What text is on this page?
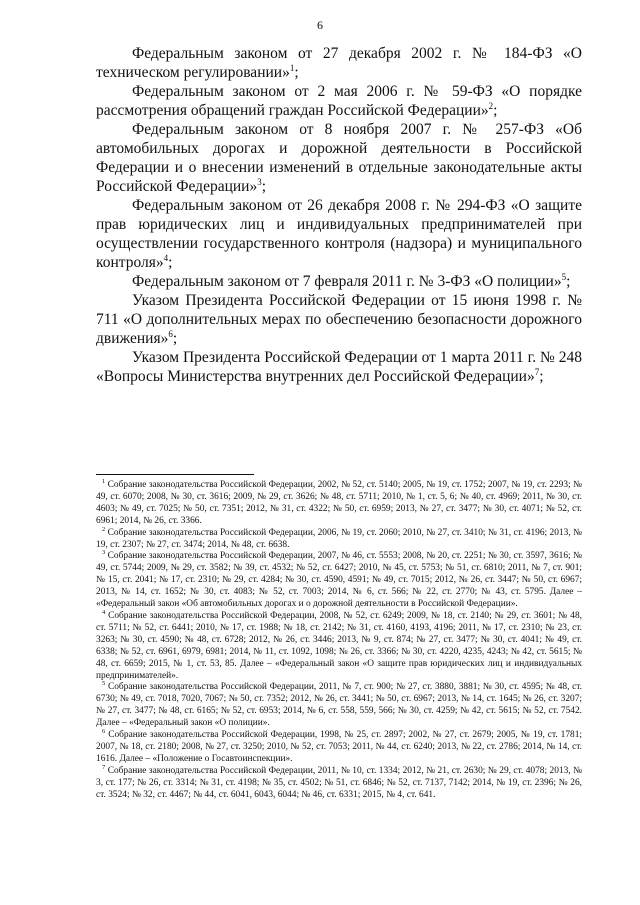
6

Федеральным законом от 27 декабря 2002 г. № 184-ФЗ «О техническом регулировании»$^1$;

Федеральным законом от 2 мая 2006 г. № 59-ФЗ «О порядке рассмотрения обращений граждан Российской Федерации»$^2$;

Федеральным законом от 8 ноября 2007 г. № 257-ФЗ «Об автомобильных дорогах и дорожной деятельности в Российской Федерации и о внесении изменений в отдельные законодательные акты Российской Федерации»$^3$;

Федеральным законом от 26 декабря 2008 г. № 294-ФЗ «О защите прав юридических лиц и индивидуальных предпринимателей при осуществлении государственного контроля (надзора) и муниципального контроля»$^4$;

Федеральным законом от 7 февраля 2011 г. № 3-ФЗ «О полиции»$^5$;

Указом Президента Российской Федерации от 15 июня 1998 г. № 711 «О дополнительных мерах по обеспечению безопасности дорожного движения»$^6$;

Указом Президента Российской Федерации от 1 марта 2011 г. № 248 «Вопросы Министерства внутренних дел Российской Федерации»$^7$;

$^1$ Собрание законодательства Российской Федерации, 2002, № 52, ст. 5140; 2005, № 19, ст. 1752; 2007, № 19, ст. 2293; № 49, ст. 6070; 2008, № 30, ст. 3616; 2009, № 29, ст. 3626; № 48, ст. 5711; 2010, № 1, ст. 5, 6; № 40, ст. 4969; 2011, № 30, ст. 4603; № 49, ст. 7025; № 50, ст. 7351; 2012, № 31, ст. 4322; № 50, ст. 6959; 2013, № 27, ст. 3477; № 30, ст. 4071; № 52, ст. 6961; 2014, № 26, ст. 3366.

$^2$ Собрание законодательства Российской Федерации, 2006, № 19, ст. 2060; 2010, № 27, ст. 3410; № 31, ст. 4196; 2013, № 19, ст. 2307; № 27, ст. 3474; 2014, № 48, ст. 6638.

$^3$ Собрание законодательства Российской Федерации, 2007, № 46, ст. 5553; 2008, № 20, ст. 2251; № 30, ст. 3597, 3616; № 49, ст. 5744; 2009, № 29, ст. 3582; № 39, ст. 4532; № 52, ст. 6427; 2010, № 45, ст. 5753; № 51, ст. 6810; 2011, № 7, ст. 901; № 15, ст. 2041; № 17, ст. 2310; № 29, ст. 4284; № 30, ст. 4590, 4591; № 49, ст. 7015; 2012, № 26, ст. 3447; № 50, ст. 6967; 2013, № 14, ст. 1652; № 30, ст. 4083; № 52, ст. 7003; 2014, № 6, ст. 566; № 22, ст. 2770; № 43, ст. 5795. Далее – «Федеральный закон «Об автомобильных дорогах и о дорожной деятельности в Российской Федерации».

$^4$ Собрание законодательства Российской Федерации, 2008, № 52, ст. 6249; 2009, № 18, ст. 2140; № 29, ст. 3601; № 48, ст. 5711; № 52, ст. 6441; 2010, № 17, ст. 1988; № 18, ст. 2142; № 31, ст. 4160, 4193, 4196; 2011, № 17, ст. 2310; № 23, ст. 3263; № 30, ст. 4590; № 48, ст. 6728; 2012, № 26, ст. 3446; 2013, № 9, ст. 874; № 27, ст. 3477; № 30, ст. 4041; № 49, ст. 6338; № 52, ст. 6961, 6979, 6981; 2014, № 11, ст. 1092, 1098; № 26, ст. 3366; № 30, ст. 4220, 4235, 4243; № 42, ст. 5615; № 48, ст. 6659; 2015, № 1, ст. 53, 85. Далее – «Федеральный закон «О защите прав юридических лиц и индивидуальных предпринимателей».

$^5$ Собрание законодательства Российской Федерации, 2011, № 7, ст. 900; № 27, ст. 3880, 3881; № 30, ст. 4595; № 48, ст. 6730; № 49, ст. 7018, 7020, 7067; № 50, ст. 7352; 2012, № 26, ст. 3441; № 50, ст. 6967; 2013, № 14, ст. 1645; № 26, ст. 3207; № 27, ст. 3477; № 48, ст. 6165; № 52, ст. 6953; 2014, № 6, ст. 558, 559, 566; № 30, ст. 4259; № 42, ст. 5615; № 52, ст. 7542. Далее – «Федеральный закон «О полиции».

$^6$ Собрание законодательства Российской Федерации, 1998, № 25, ст. 2897; 2002, № 27, ст. 2679; 2005, № 19, ст. 1781; 2007, № 18, ст. 2180; 2008, № 27, ст. 3250; 2010, № 52, ст. 7053; 2011, № 44, ст. 6240; 2013, № 22, ст. 2786; 2014, № 14, ст. 1616. Далее – «Положение о Госавтоинспекции».

$^7$ Собрание законодательства Российской Федерации, 2011, № 10, ст. 1334; 2012, № 21, ст. 2630; № 29, ст. 4078; 2013, № 3, ст. 177; № 26, ст. 3314; № 31, ст. 4198; № 35, ст. 4502; № 51, ст. 6846; № 52, ст. 7137, 7142; 2014, № 19, ст. 2396; № 26, ст. 3524; № 32, ст. 4467; № 44, ст. 6041, 6043, 6044; № 46, ст. 6331; 2015, № 4, ст. 641.
